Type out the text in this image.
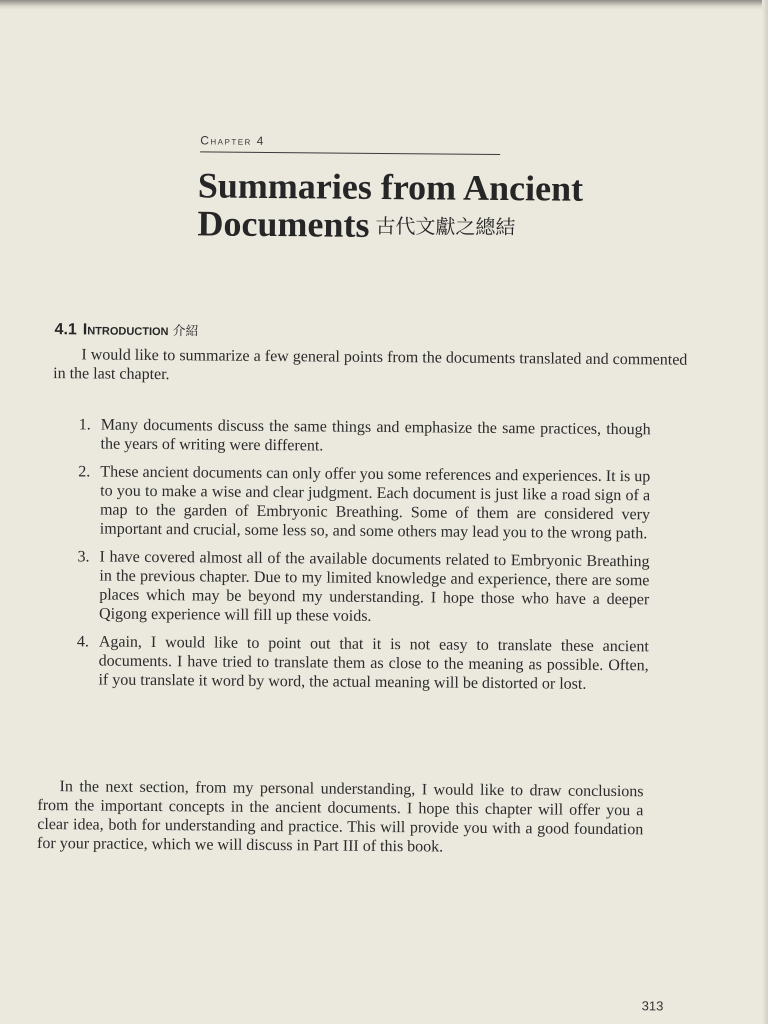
Chapter 4
Summaries from Ancient
Documents 古代文獻之總結
4.1 Introduction 介紹

I would like to summarize a few general points from the documents translated and commented in the last chapter.

1. Many documents discuss the same things and emphasize the same practices, though the years of writing were different.
2. These ancient documents can only offer you some references and experiences. It is up to you to make a wise and clear judgment. Each document is just like a road sign of a map to the garden of Embryonic Breathing. Some of them are considered very important and crucial, some less so, and some others may lead you to the wrong path.
3. I have covered almost all of the available documents related to Embryonic Breathing in the previous chapter. Due to my limited knowledge and experience, there are some places which may be beyond my understanding. I hope those who have a deeper Qigong experience will fill up these voids.
4. Again, I would like to point out that it is not easy to translate these ancient documents. I have tried to translate them as close to the meaning as possible. Often, if you translate it word by word, the actual meaning will be distorted or lost.

In the next section, from my personal understanding, I would like to draw conclusions from the important concepts in the ancient documents. I hope this chapter will offer you a clear idea, both for understanding and practice. This will provide you with a good foundation for your practice, which we will discuss in Part III of this book.

313
